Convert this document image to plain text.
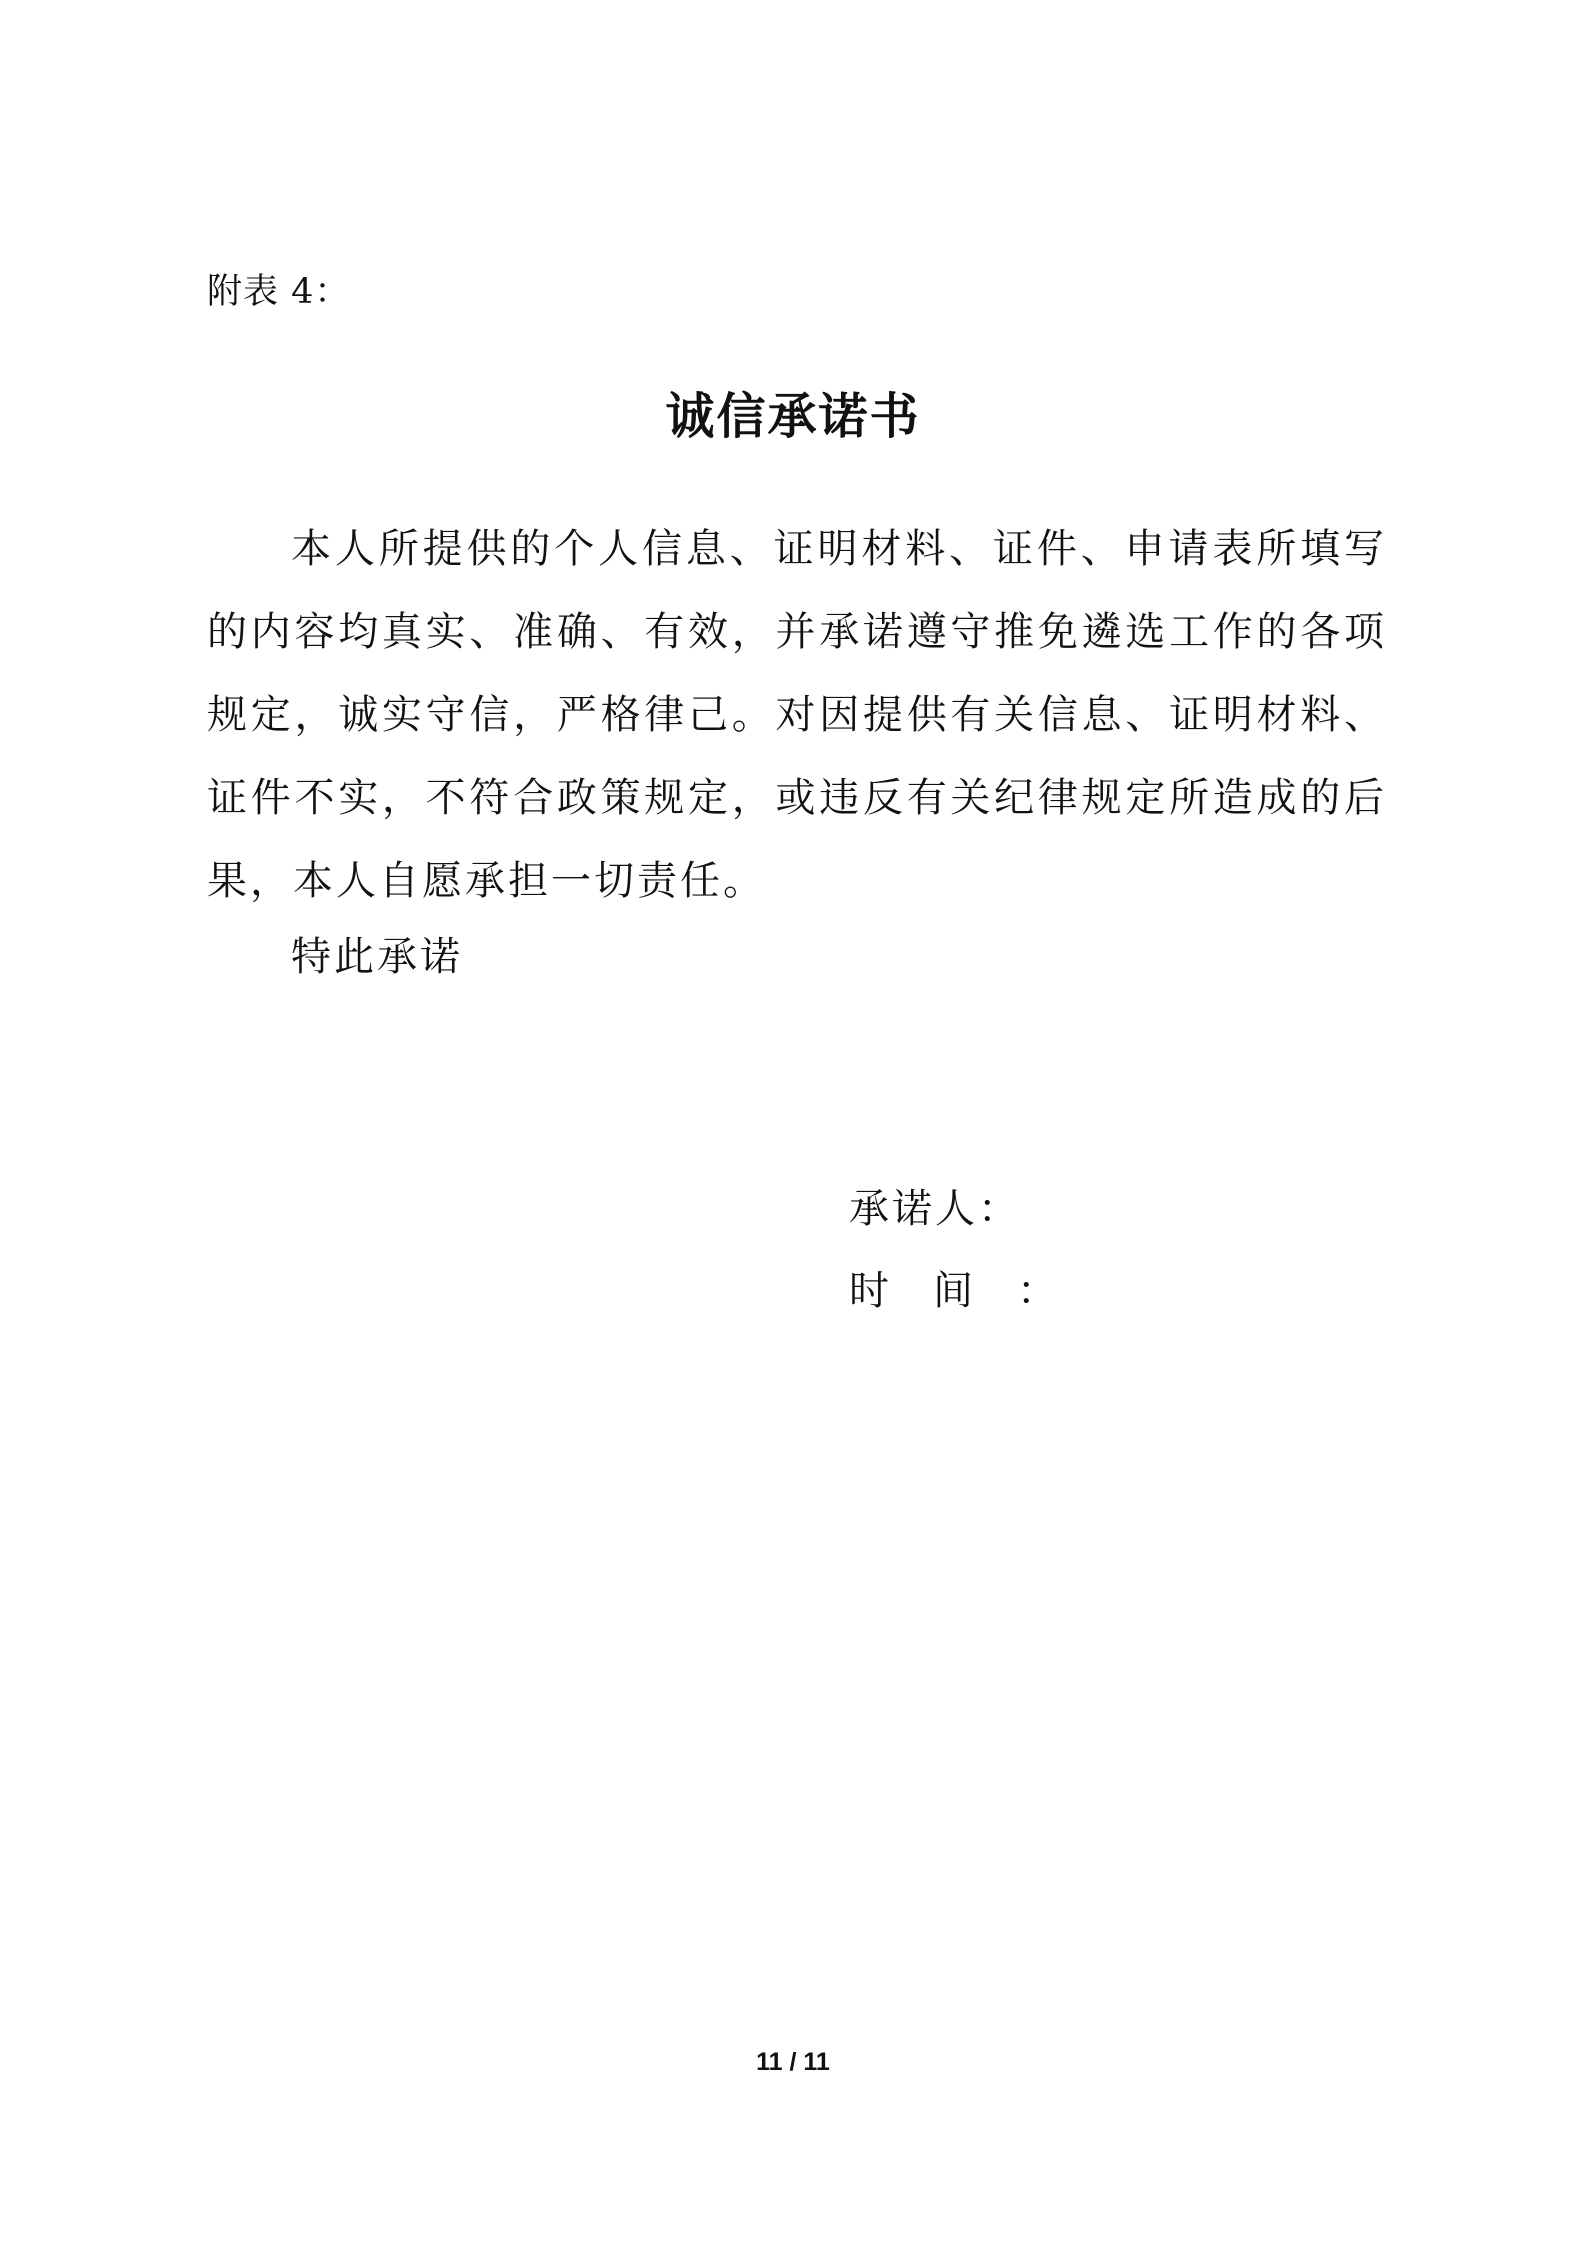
附表 4：
诚信承诺书

本人所提供的个人信息、证明材料、证件、申请表所填写的内容均真实、准确、有效，并承诺遵守推免遴选工作的各项规定，诚实守信，严格律己。对因提供有关信息、证明材料、证件不实，不符合政策规定，或违反有关纪律规定所造成的后果，本人自愿承担一切责任。

特此承诺
承诺人：
时间：
11 / 11
